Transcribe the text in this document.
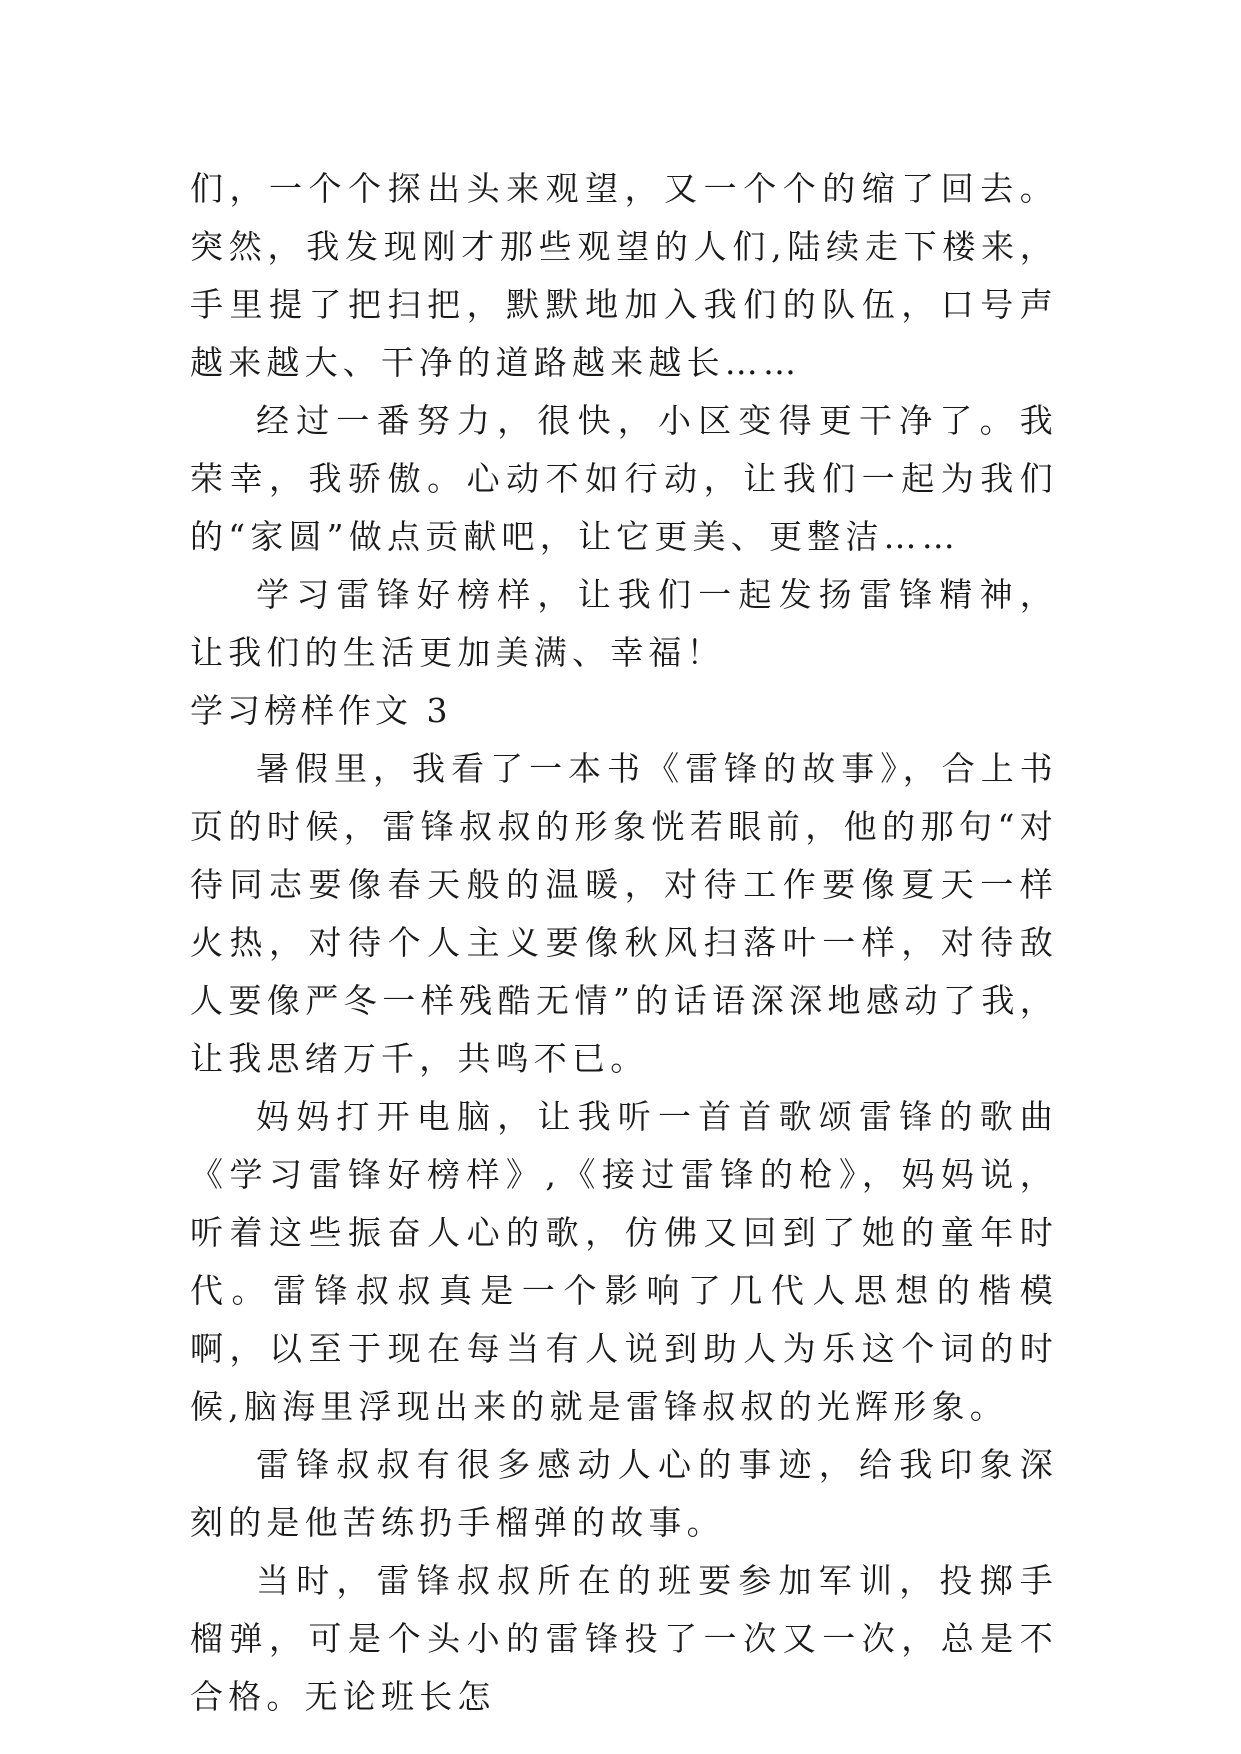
们，一个个探出头来观望，又一个个的缩了回去。突然，我发现刚才那些观望的人们,陆续走下楼来，手里提了把扫把，默默地加入我们的队伍，口号声越来越大、干净的道路越来越长……

经过一番努力，很快，小区变得更干净了。我荣幸，我骄傲。心动不如行动，让我们一起为我们的“家圆”做点贡献吧，让它更美、更整洁……

学习雷锋好榜样，让我们一起发扬雷锋精神，让我们的生活更加美满、幸福！

学习榜样作文 3

暑假里，我看了一本书《雷锋的故事》，合上书页的时候，雷锋叔叔的形象恍若眼前，他的那句“对待同志要像春天般的温暖，对待工作要像夏天一样火热，对待个人主义要像秋风扫落叶一样，对待敌人要像严冬一样残酷无情”的话语深深地感动了我，让我思绪万千，共鸣不已。

妈妈打开电脑，让我听一首首歌颂雷锋的歌曲《学习雷锋好榜样》,《接过雷锋的枪》，妈妈说，听着这些振奋人心的歌，仿佛又回到了她的童年时代。雷锋叔叔真是一个影响了几代人思想的楷模啊，以至于现在每当有人说到助人为乐这个词的时候,脑海里浮现出来的就是雷锋叔叔的光辉形象。

雷锋叔叔有很多感动人心的事迹，给我印象深刻的是他苦练扔手榴弹的故事。

当时，雷锋叔叔所在的班要参加军训，投掷手榴弹，可是个头小的雷锋投了一次又一次，总是不合格。无论班长怎
